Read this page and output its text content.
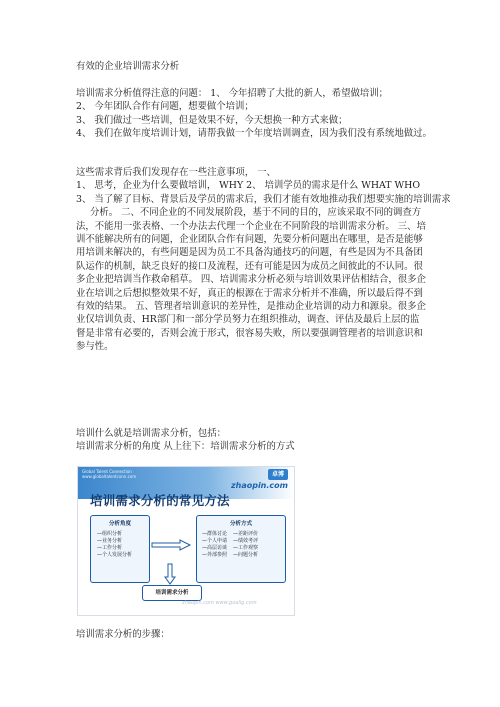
有效的企业培训需求分析
培训需求分析值得注意的问题： 1、 今年招聘了大批的新人，希望做培训； 2、 今年团队合作有问题，想要做个培训； 3、 我们做过一些培训，但是效果不好，今天想换一种方式来做； 4、 我们在做年度培训计划，请帮我做一个年度培训调查，因为我们没有系统地做过。
这些需求背后我们发现存在一些注意事项， 一、 1、 思考，企业为什么要做培训， WHY 2、 培训学员的需求是什么 WHAT WHO 3、 当了解了目标、背景后及学员的需求后，我们才能有效地推动我们想要实施的培训需求 分析。 二、不同企业的不同发展阶段，基于不同的目的，应该采取不同的调查方法，不能用一张表格、一个办法去代理一个企业在不同阶段的培训需求分析。 三、培训不能解决所有的问题，企业团队合作有问题，先要分析问题出在哪里，是否是能够用培训来解决的，有些问题是因为员工不具备沟通技巧的问题，有些是因为不具备团队运作的机制，缺乏良好的接口及流程，还有可能是因为成员之间彼此的不认同。很多企业把培训当作救命稻草。 四、培训需求分析必须与培训效果评估相结合，很多企业在培训之后想拟整效果不好，真正的根源在于需求分析并不准确，所以最后得不到有效的结果。 五、管理者培训意识的差异性，是推动企业培训的动力和源泉。很多企业仅培训负责、HR部门和一部分学员努力在组织推动，调查、评估及最后上层的监督是非常有必要的，否则会流于形式，很容易失败，所以要强调管理者的培训意识和参与性。
培训什么就是培训需求分析，包括： 培训需求分析的角度 从上往下：培训需求分析的方式
Global Talent Connection
www.globaltalentconn.com	卓博
zhaopin.com
培训需求分析的常见方法
分析角度
—组织分析
—业务分析
—工作分析
—个人发展分析
分析方式
—群体讨论
—个人申请
—高层访谈
—外部参照
—差距评价
—绩效考评
—工作观察
—问题分析
培训需求分析
zhaopin.com www.goalig.com
培训需求分析的步骤：
